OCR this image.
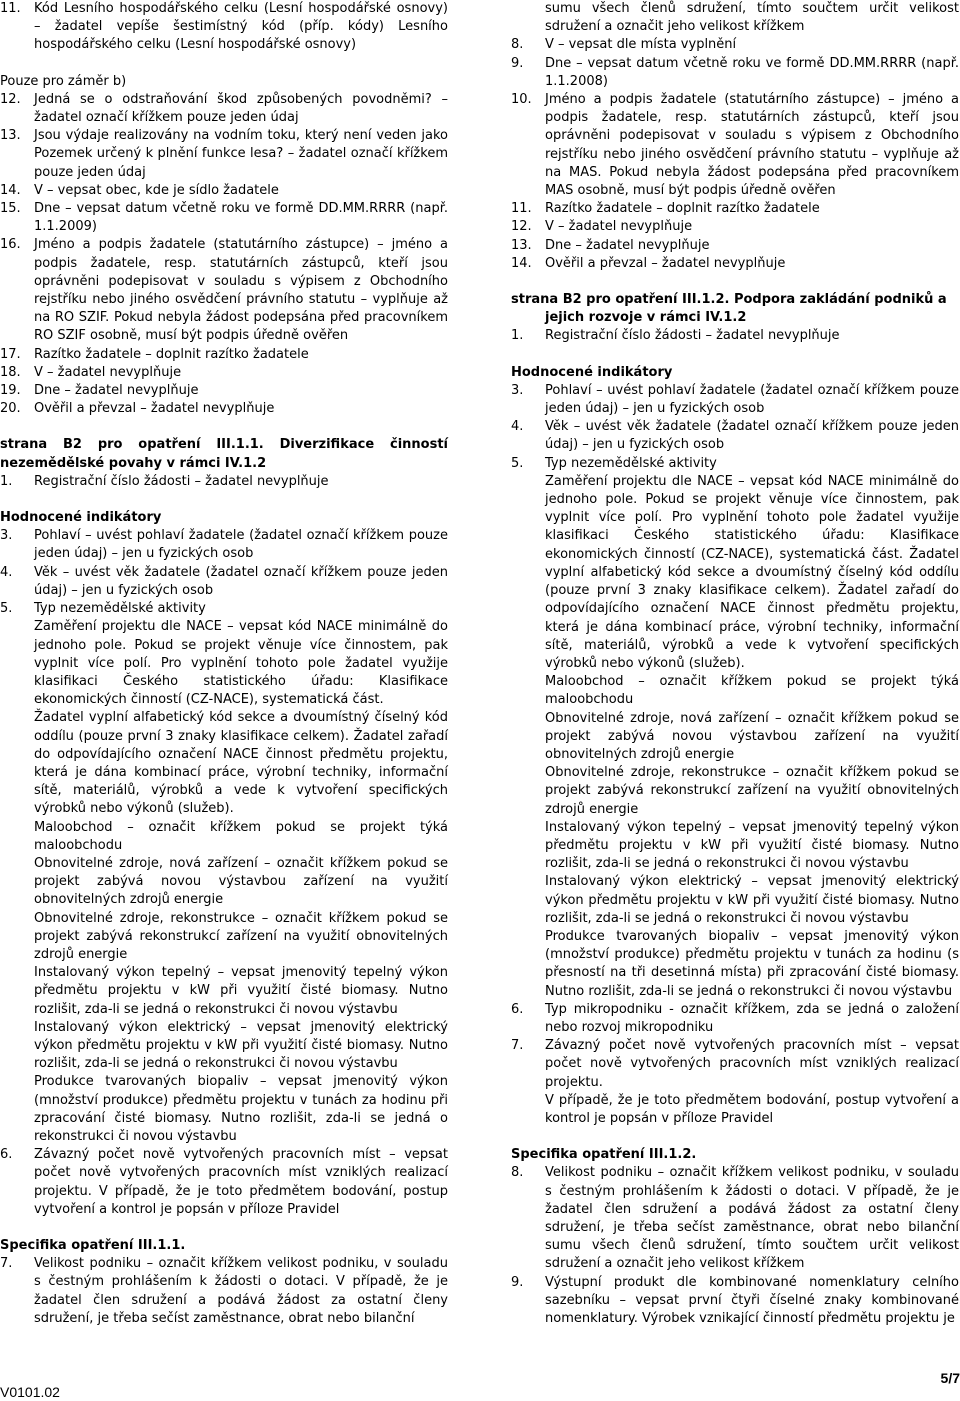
11.	Kód Lesního hospodářského celku (Lesní hospodářské osnovy) – žadatel vepíše šestimístný kód (příp. kódy) Lesního hospodářského celku (Lesní hospodářské osnovy)

Pouze pro záměr b)

12.	Jedná se o odstraňování škod způsobených povodněmi? – žadatel označí křížkem pouze jeden údaj
13.	Jsou výdaje realizovány na vodním toku, který není veden jako Pozemek určený k plnění funkce lesa? – žadatel označí křížkem pouze jeden údaj
14.	V – vepsat obec, kde je sídlo žadatele
15.	Dne – vepsat datum včetně roku ve formě DD.MM.RRRR (např. 1.1.2009)
16.	Jméno a podpis žadatele (statutárního zástupce) – jméno a podpis žadatele, resp. statutárních zástupců, kteří jsou oprávněni podepisovat v souladu s výpisem z Obchodního rejstříku nebo jiného osvědčení právního statutu – vyplňuje až na RO SZIF. Pokud nebyla žádost podepsána před pracovníkem RO SZIF osobně, musí být podpis úředně ověřen
17.	Razítko žadatele – doplnit razítko žadatele
18.	V – žadatel nevyplňuje
19.	Dne – žadatel nevyplňuje
20.	Ověřil a převzal – žadatel nevyplňuje

strana B2 pro opatření III.1.1. Diverzifikace činností nezemědělské povahy v rámci IV.1.2

1.	Registrační číslo žádosti – žadatel nevyplňuje

Hodnocené indikátory

3.	Pohlaví – uvést pohlaví žadatele (žadatel označí křížkem pouze jeden údaj) – jen u fyzických osob
4.	Věk – uvést věk žadatele (žadatel označí křížkem pouze jeden údaj) – jen u fyzických osob
5.	Typ nezemědělské aktivity

Zaměření projektu dle NACE – vepsat kód NACE minimálně do jednoho pole. Pokud se projekt věnuje více činnostem, pak vyplnit více polí. Pro vyplnění tohoto pole žadatel využije klasifikaci Českého statistického úřadu: Klasifikace ekonomických činností (CZ-NACE), systematická část.

Žadatel vyplní alfabetický kód sekce a dvoumístný číselný kód oddílu (pouze první 3 znaky klasifikace celkem). Žadatel zařadí do odpovídajícího označení NACE činnost předmětu projektu, která je dána kombinací práce, výrobní techniky, informační sítě, materiálů, výrobků a vede k vytvoření specifických výrobků nebo výkonů (služeb).

Maloobchod – označit křížkem pokud se projekt týká maloobchodu

Obnovitelné zdroje, nová zařízení – označit křížkem pokud se projekt zabývá novou výstavbou zařízení na využití obnovitelných zdrojů energie

Obnovitelné zdroje, rekonstrukce – označit křížkem pokud se projekt zabývá rekonstrukcí zařízení na využití obnovitelných zdrojů energie

Instalovaný výkon tepelný – vepsat jmenovitý tepelný výkon předmětu projektu v kW při využití čisté biomasy. Nutno rozlišit, zda-li se jedná o rekonstrukci či novou výstavbu

Instalovaný výkon elektrický – vepsat jmenovitý elektrický výkon předmětu projektu v kW při využití čisté biomasy. Nutno rozlišit, zda-li se jedná o rekonstrukci či novou výstavbu

Produkce tvarovaných biopaliv – vepsat jmenovitý výkon (množství produkce) předmětu projektu v tunách za hodinu při zpracování čisté biomasy. Nutno rozlišit, zda-li se jedná o rekonstrukci či novou výstavbu

6.	Závazný počet nově vytvořených pracovních míst – vepsat počet nově vytvořených pracovních míst vzniklých realizací projektu. V případě, že je toto předmětem bodování, postup vytvoření a kontrol je popsán v příloze Pravidel

Specifika opatření III.1.1.

7.	Velikost podniku – označit křížkem velikost podniku, v souladu s čestným prohlášením k žádosti o dotaci. V případě, že je žadatel člen sdružení a podává žádost za ostatní členy sdružení, je třeba sečíst zaměstnance, obrat nebo bilanční

sumu všech členů sdružení, tímto součtem určit velikost sdružení a označit jeho velikost křížkem

8.	V – vepsat dle místa vyplnění
9.	Dne – vepsat datum včetně roku ve formě DD.MM.RRRR (např. 1.1.2008)
10.	Jméno a podpis žadatele (statutárního zástupce) – jméno a podpis žadatele, resp. statutárních zástupců, kteří jsou oprávněni podepisovat v souladu s výpisem z Obchodního rejstříku nebo jiného osvědčení právního statutu – vyplňuje až na MAS. Pokud nebyla žádost podepsána před pracovníkem MAS osobně, musí být podpis úředně ověřen
11.	Razítko žadatele – doplnit razítko žadatele
12.	V – žadatel nevyplňuje
13.	Dne – žadatel nevyplňuje
14.	Ověřil a převzal – žadatel nevyplňuje

strana B2 pro opatření III.1.2. Podpora zakládání podniků a

jejich rozvoje v rámci IV.1.2

1.	Registrační číslo žádosti – žadatel nevyplňuje

Hodnocené indikátory

3.	Pohlaví – uvést pohlaví žadatele (žadatel označí křížkem pouze jeden údaj) – jen u fyzických osob
4.	Věk – uvést věk žadatele (žadatel označí křížkem pouze jeden údaj) – jen u fyzických osob
5.	Typ nezemědělské aktivity

Zaměření projektu dle NACE – vepsat kód NACE minimálně do jednoho pole. Pokud se projekt věnuje více činnostem, pak vyplnit více polí. Pro vyplnění tohoto pole žadatel využije klasifikaci Českého statistického úřadu: Klasifikace ekonomických činností (CZ-NACE), systematická část. Žadatel vyplní alfabetický kód sekce a dvoumístný číselný kód oddílu (pouze první 3 znaky klasifikace celkem). Žadatel zařadí do odpovídajícího označení NACE činnost předmětu projektu, která je dána kombinací práce, výrobní techniky, informační sítě, materiálů, výrobků a vede k vytvoření specifických výrobků nebo výkonů (služeb).

Maloobchod – označit křížkem pokud se projekt týká maloobchodu

Obnovitelné zdroje, nová zařízení – označit křížkem pokud se projekt zabývá novou výstavbou zařízení na využití obnovitelných zdrojů energie

Obnovitelné zdroje, rekonstrukce – označit křížkem pokud se projekt zabývá rekonstrukcí zařízení na využití obnovitelných zdrojů energie

Instalovaný výkon tepelný – vepsat jmenovitý tepelný výkon předmětu projektu v kW při využití čisté biomasy. Nutno rozlišit, zda-li se jedná o rekonstrukci či novou výstavbu

Instalovaný výkon elektrický – vepsat jmenovitý elektrický výkon předmětu projektu v kW při využití čisté biomasy. Nutno rozlišit, zda-li se jedná o rekonstrukci či novou výstavbu

Produkce tvarovaných biopaliv – vepsat jmenovitý výkon (množství produkce) předmětu projektu v tunách za hodinu (s přesností na tři desetinná místa) při zpracování čisté biomasy. Nutno rozlišit, zda-li se jedná o rekonstrukci či novou výstavbu

6.	Typ mikropodniku - označit křížkem, zda se jedná o založení nebo rozvoj mikropodniku
7.	Závazný počet nově vytvořených pracovních míst – vepsat počet nově vytvořených pracovních míst vzniklých realizací projektu.

V případě, že je toto předmětem bodování, postup vytvoření a kontrol je popsán v příloze Pravidel

Specifika opatření III.1.2.

8.	Velikost podniku – označit křížkem velikost podniku, v souladu s čestným prohlášením k žádosti o dotaci. V případě, že je žadatel člen sdružení a podává žádost za ostatní členy sdružení, je třeba sečíst zaměstnance, obrat nebo bilanční sumu všech členů sdružení, tímto součtem určit velikost sdružení a označit jeho velikost křížkem
9.	Výstupní produkt dle kombinované nomenklatury celního sazebníku – vepsat první čtyři číselné znaky kombinované nomenklatury. Výrobek vznikající činností předmětu projektu je
V0101.02
5/7
